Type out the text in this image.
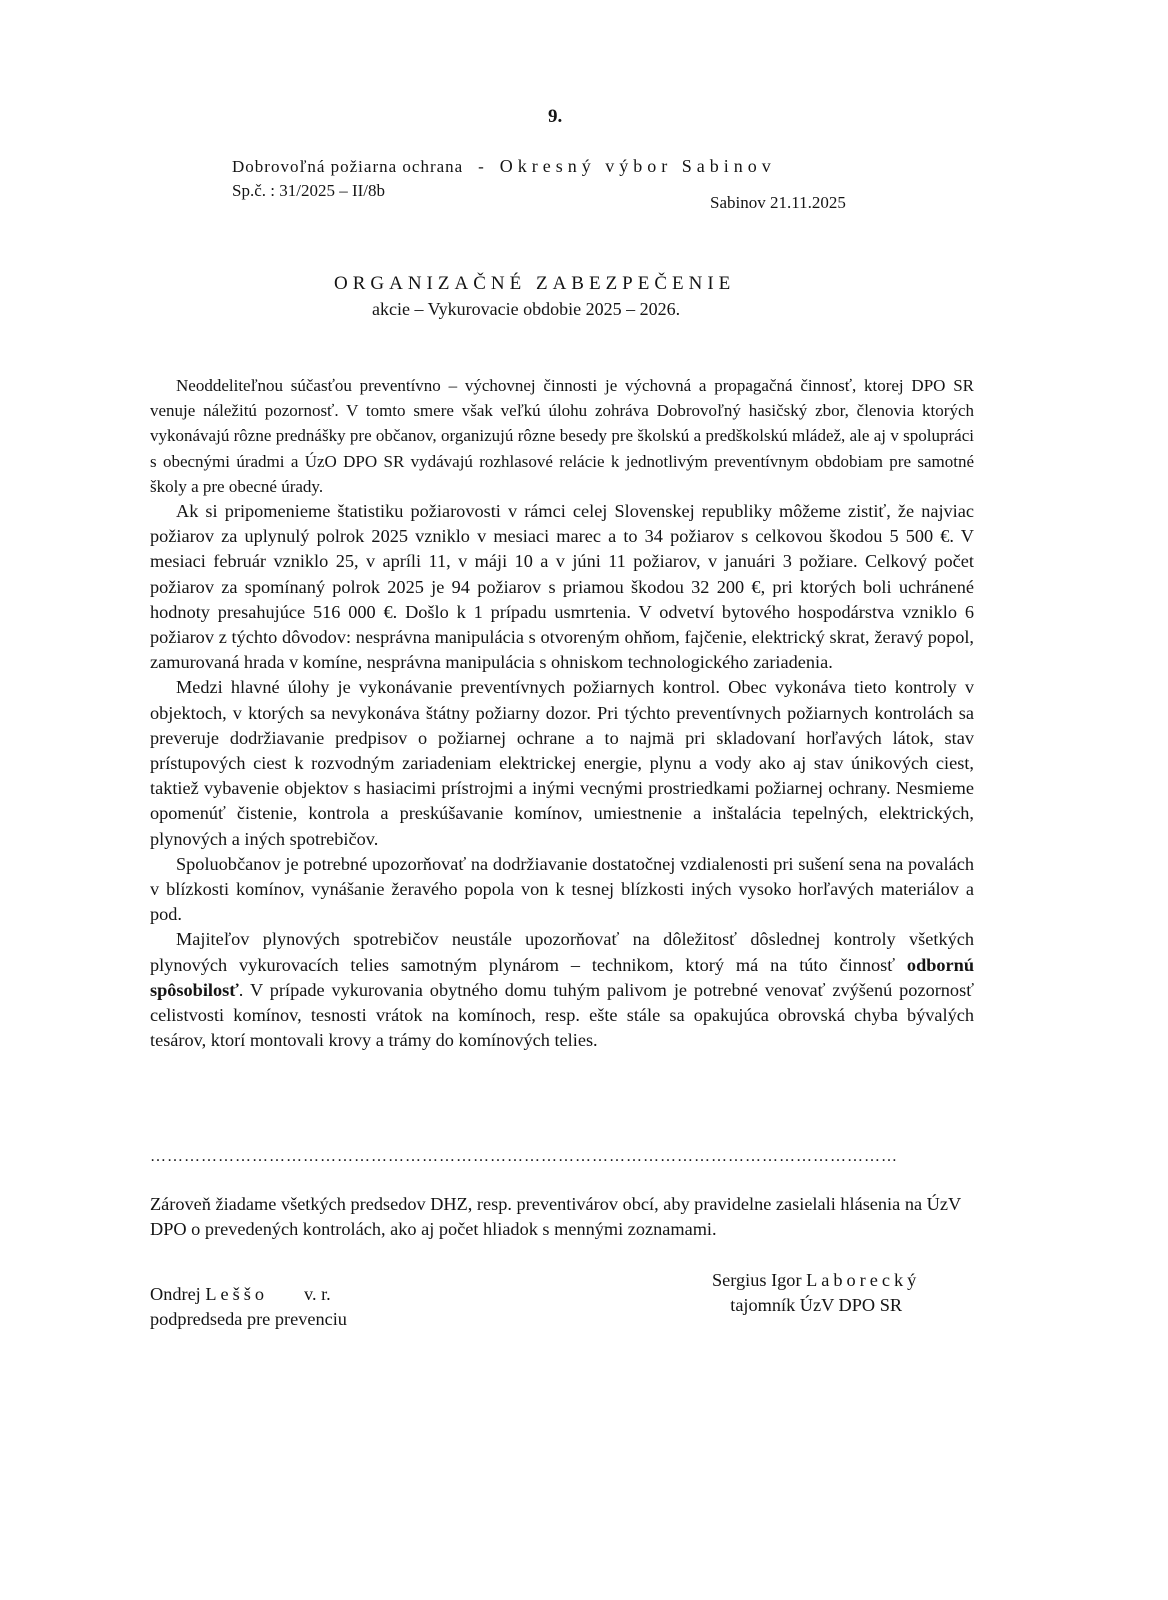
9.
Dobrovoľná požiarna ochrana - Okresný výbor Sabinov
Sp.č. : 31/2025 – II/8b
Sabinov 21.11.2025
ORGANIZAČNÉ ZABEZPEČENIE
akcie – Vykurovacie obdobie 2025 – 2026.

Neoddeliteľnou súčasťou preventívno – výchovnej činnosti je výchovná a propagačná činnosť, ktorej DPO SR venuje náležitú pozornosť. V tomto smere však veľkú úlohu zohráva Dobrovoľný hasičský zbor, členovia ktorých vykonávajú rôzne prednášky pre občanov, organizujú rôzne besedy pre školskú a predškolskú mládež, ale aj v spolupráci s obecnými úradmi a ÚzO DPO SR vydávajú rozhlasové relácie k jednotlivým preventívnym obdobiam pre samotné školy a pre obecné úrady.

Ak si pripomenieme štatistiku požiarovosti v rámci celej Slovenskej republiky môžeme zistiť, že najviac požiarov za uplynulý polrok 2025 vzniklo v mesiaci marec a to 34 požiarov s celkovou škodou 5 500 €. V mesiaci február vzniklo 25, v apríli 11, v máji 10 a v júni 11 požiarov, v januári 3 požiare. Celkový počet požiarov za spomínaný polrok 2025 je 94 požiarov s priamou škodou 32 200 €, pri ktorých boli uchránené hodnoty presahujúce 516 000 €. Došlo k 1 prípadu usmrtenia. V odvetví bytového hospodárstva vzniklo 6 požiarov z týchto dôvodov: nesprávna manipulácia s otvoreným ohňom, fajčenie, elektrický skrat, žeravý popol, zamurovaná hrada v komíne, nesprávna manipulácia s ohniskom technologického zariadenia.

Medzi hlavné úlohy je vykonávanie preventívnych požiarnych kontrol. Obec vykonáva tieto kontroly v objektoch, v ktorých sa nevykonáva štátny požiarny dozor. Pri týchto preventívnych požiarnych kontrolách sa preveruje dodržiavanie predpisov o požiarnej ochrane a to najmä pri skladovaní horľavých látok, stav prístupových ciest k rozvodným zariadeniam elektrickej energie, plynu a vody ako aj stav únikových ciest, taktiež vybavenie objektov s hasiacimi prístrojmi a inými vecnými prostriedkami požiarnej ochrany. Nesmieme opomenúť čistenie, kontrola a preskúšavanie komínov, umiestnenie a inštalácia tepelných, elektrických, plynových a iných spotrebičov.

Spoluobčanov je potrebné upozorňovať na dodržiavanie dostatočnej vzdialenosti pri sušení sena na povalách v blízkosti komínov, vynášanie žeravého popola von k tesnej blízkosti iných vysoko horľavých materiálov a pod.

Majiteľov plynových spotrebičov neustále upozorňovať na dôležitosť dôslednej kontroly všetkých plynových vykurovacích telies samotným plynárom – technikom, ktorý má na túto činnosť odbornú spôsobilosť. V prípade vykurovania obytného domu tuhým palivom je potrebné venovať zvýšenú pozornosť celistvosti komínov, tesnosti vrátok na komínoch, resp. ešte stále sa opakujúca obrovská chyba bývalých tesárov, ktorí montovali krovy a trámy do komínových telies.

……………………………………………………………………………………………………………………

Zároveň žiadame všetkých predsedov DHZ, resp. preventivárov obcí, aby pravidelne zasielali hlásenia na ÚzV DPO o prevedených kontrolách, ako aj počet hliadok s mennými zoznamami.

Ondrej Leššo v. r.
podpredseda pre prevenciu
Sergius Igor Laborecký
tajomník ÚzV DPO SR
